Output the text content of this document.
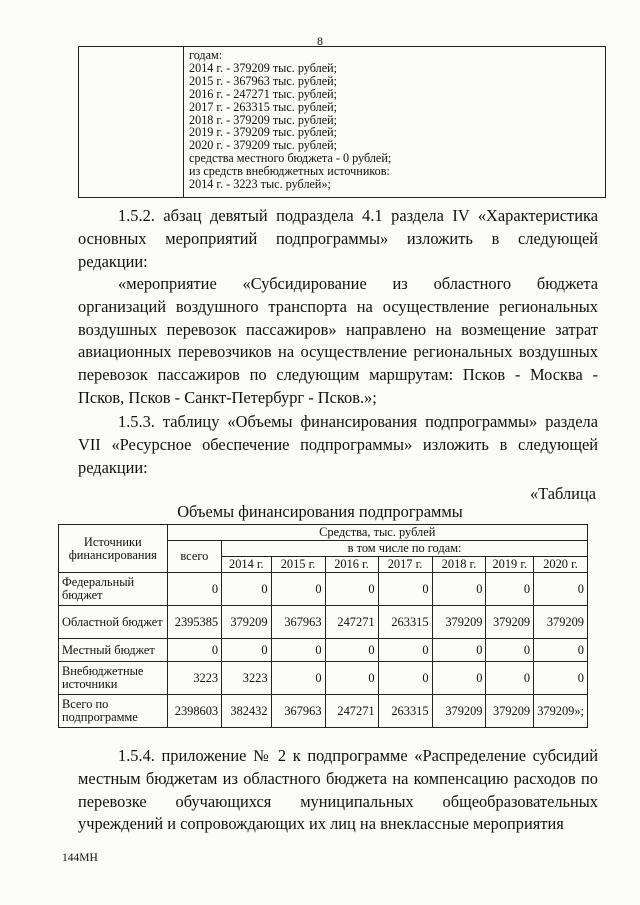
8
годам:
2014 г. - 379209 тыс. рублей;
2015 г. - 367963 тыс. рублей;
2016 г. - 247271 тыс. рублей;
2017 г. - 263315 тыс. рублей;
2018 г. - 379209 тыс. рублей;
2019 г. - 379209 тыс. рублей;
2020 г. - 379209 тыс. рублей;
средства местного бюджета - 0 рублей;
из средств внебюджетных источников:
2014 г. - 3223 тыс. рублей»;
1.5.2. абзац девятый подраздела 4.1 раздела IV «Характеристика
основных мероприятий подпрограммы» изложить в следующей
редакции:
«мероприятие «Субсидирование из областного бюджета
организаций воздушного транспорта на осуществление региональных
воздушных перевозок пассажиров» направлено на возмещение затрат
авиационных перевозчиков на осуществление региональных воздушных
перевозок пассажиров по следующим маршрутам: Псков - Москва -
Псков, Псков - Санкт-Петербург - Псков.»;
1.5.3. таблицу «Объемы финансирования подпрограммы» раздела
VII «Ресурсное обеспечение подпрограммы» изложить в следующей
редакции:
«Таблица
Объемы финансирования подпрограммы
Источники финансирования	Средства, тыс. рублей							
	всего	в том числе по годам:						
		2014 г.	2015 г.	2016 г.	2017 г.	2018 г.	2019 г.	2020 г.
Федеральный бюджет	0	0	0	0	0	0	0	0
Областной бюджет	2395385	379209	367963	247271	263315	379209	379209	379209
Местный бюджет	0	0	0	0	0	0	0	0
Внебюджетные источники	3223	3223	0	0	0	0	0	0
Всего по подпрограмме	2398603	382432	367963	247271	263315	379209	379209	379209»;
1.5.4. приложение № 2 к подпрограмме «Распределение субсидий
местным бюджетам из областного бюджета на компенсацию расходов по
перевозке обучающихся муниципальных общеобразовательных
учреждений и сопровождающих их лиц на внеклассные мероприятия
144МН
